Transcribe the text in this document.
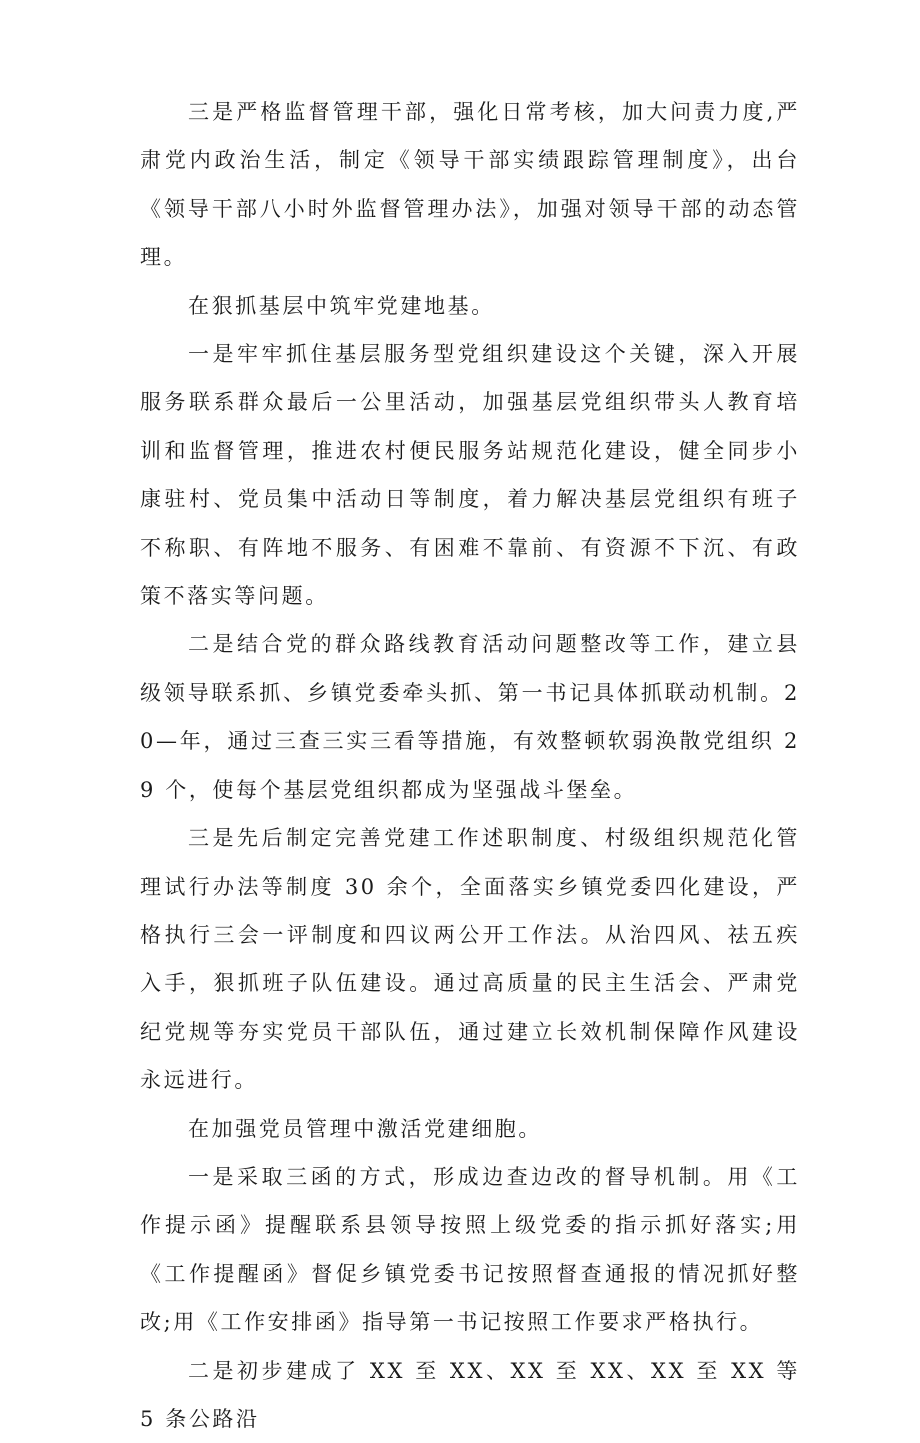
三是严格监督管理干部，强化日常考核，加大问责力度,严肃党内政治生活，制定《领导干部实绩跟踪管理制度》，出台《领导干部八小时外监督管理办法》，加强对领导干部的动态管理。

在狠抓基层中筑牢党建地基。

一是牢牢抓住基层服务型党组织建设这个关键，深入开展服务联系群众最后一公里活动，加强基层党组织带头人教育培训和监督管理，推进农村便民服务站规范化建设，健全同步小康驻村、党员集中活动日等制度，着力解决基层党组织有班子不称职、有阵地不服务、有困难不靠前、有资源不下沉、有政策不落实等问题。

二是结合党的群众路线教育活动问题整改等工作，建立县级领导联系抓、乡镇党委牵头抓、第一书记具体抓联动机制。20—年，通过三查三实三看等措施，有效整顿软弱涣散党组织 29 个，使每个基层党组织都成为坚强战斗堡垒。

三是先后制定完善党建工作述职制度、村级组织规范化管理试行办法等制度 30 余个，全面落实乡镇党委四化建设，严格执行三会一评制度和四议两公开工作法。从治四风、祛五疾入手，狠抓班子队伍建设。通过高质量的民主生活会、严肃党纪党规等夯实党员干部队伍，通过建立长效机制保障作风建设永远进行。

在加强党员管理中激活党建细胞。

一是采取三函的方式，形成边查边改的督导机制。用《工作提示函》提醒联系县领导按照上级党委的指示抓好落实;用《工作提醒函》督促乡镇党委书记按照督查通报的情况抓好整改;用《工作安排函》指导第一书记按照工作要求严格执行。

二是初步建成了 XX 至 XX、XX 至 XX、XX 至 XX 等 5 条公路沿
